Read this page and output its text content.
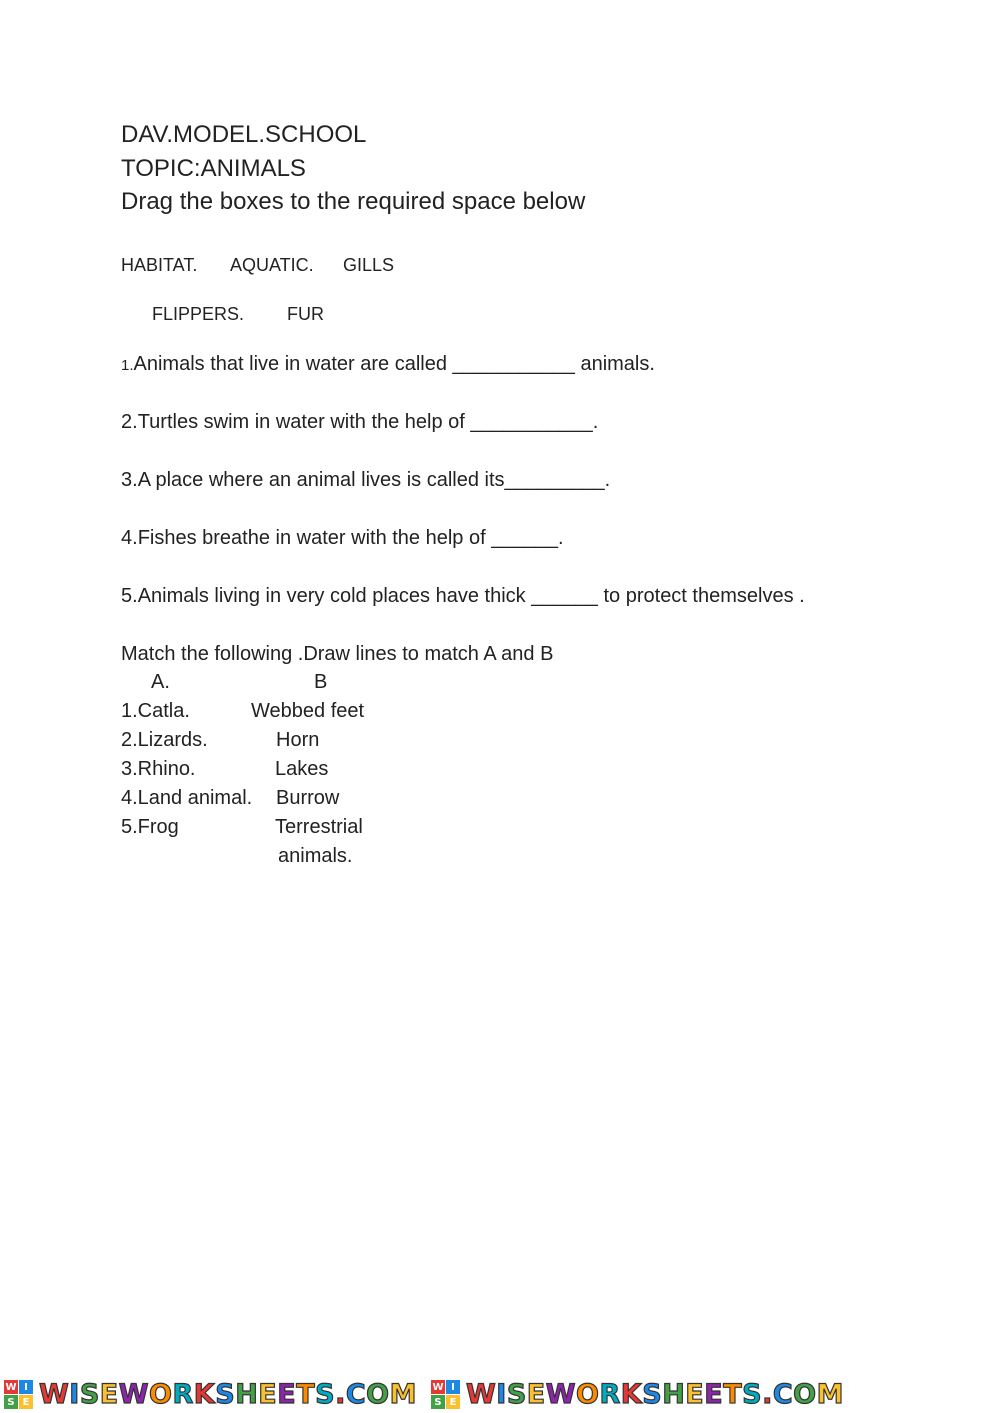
DAV.MODEL.SCHOOL
TOPIC:ANIMALS
Drag the boxes to the required space below
HABITAT. AQUATIC. GILLS
FLIPPERS. FUR
1.Animals that live in water are called ___________ animals.
2.Turtles swim in water with the help of ___________.
3.A place where an animal lives is called its_________.
4.Fishes breathe in water with the help of ______.
5.Animals living in very cold places have thick ______ to protect themselves .
Match the following .Draw lines to match A and B
A.	B
1.Catla.
2.Lizards.
3.Rhino.
4.Land animal.
5.Frog
Webbed feet
Horn
Lakes
Burrow
Terrestrial
animals.
W I
S E WISEWORKSHEETS.COM W I
S E WISEWORKSHEETS.COM
